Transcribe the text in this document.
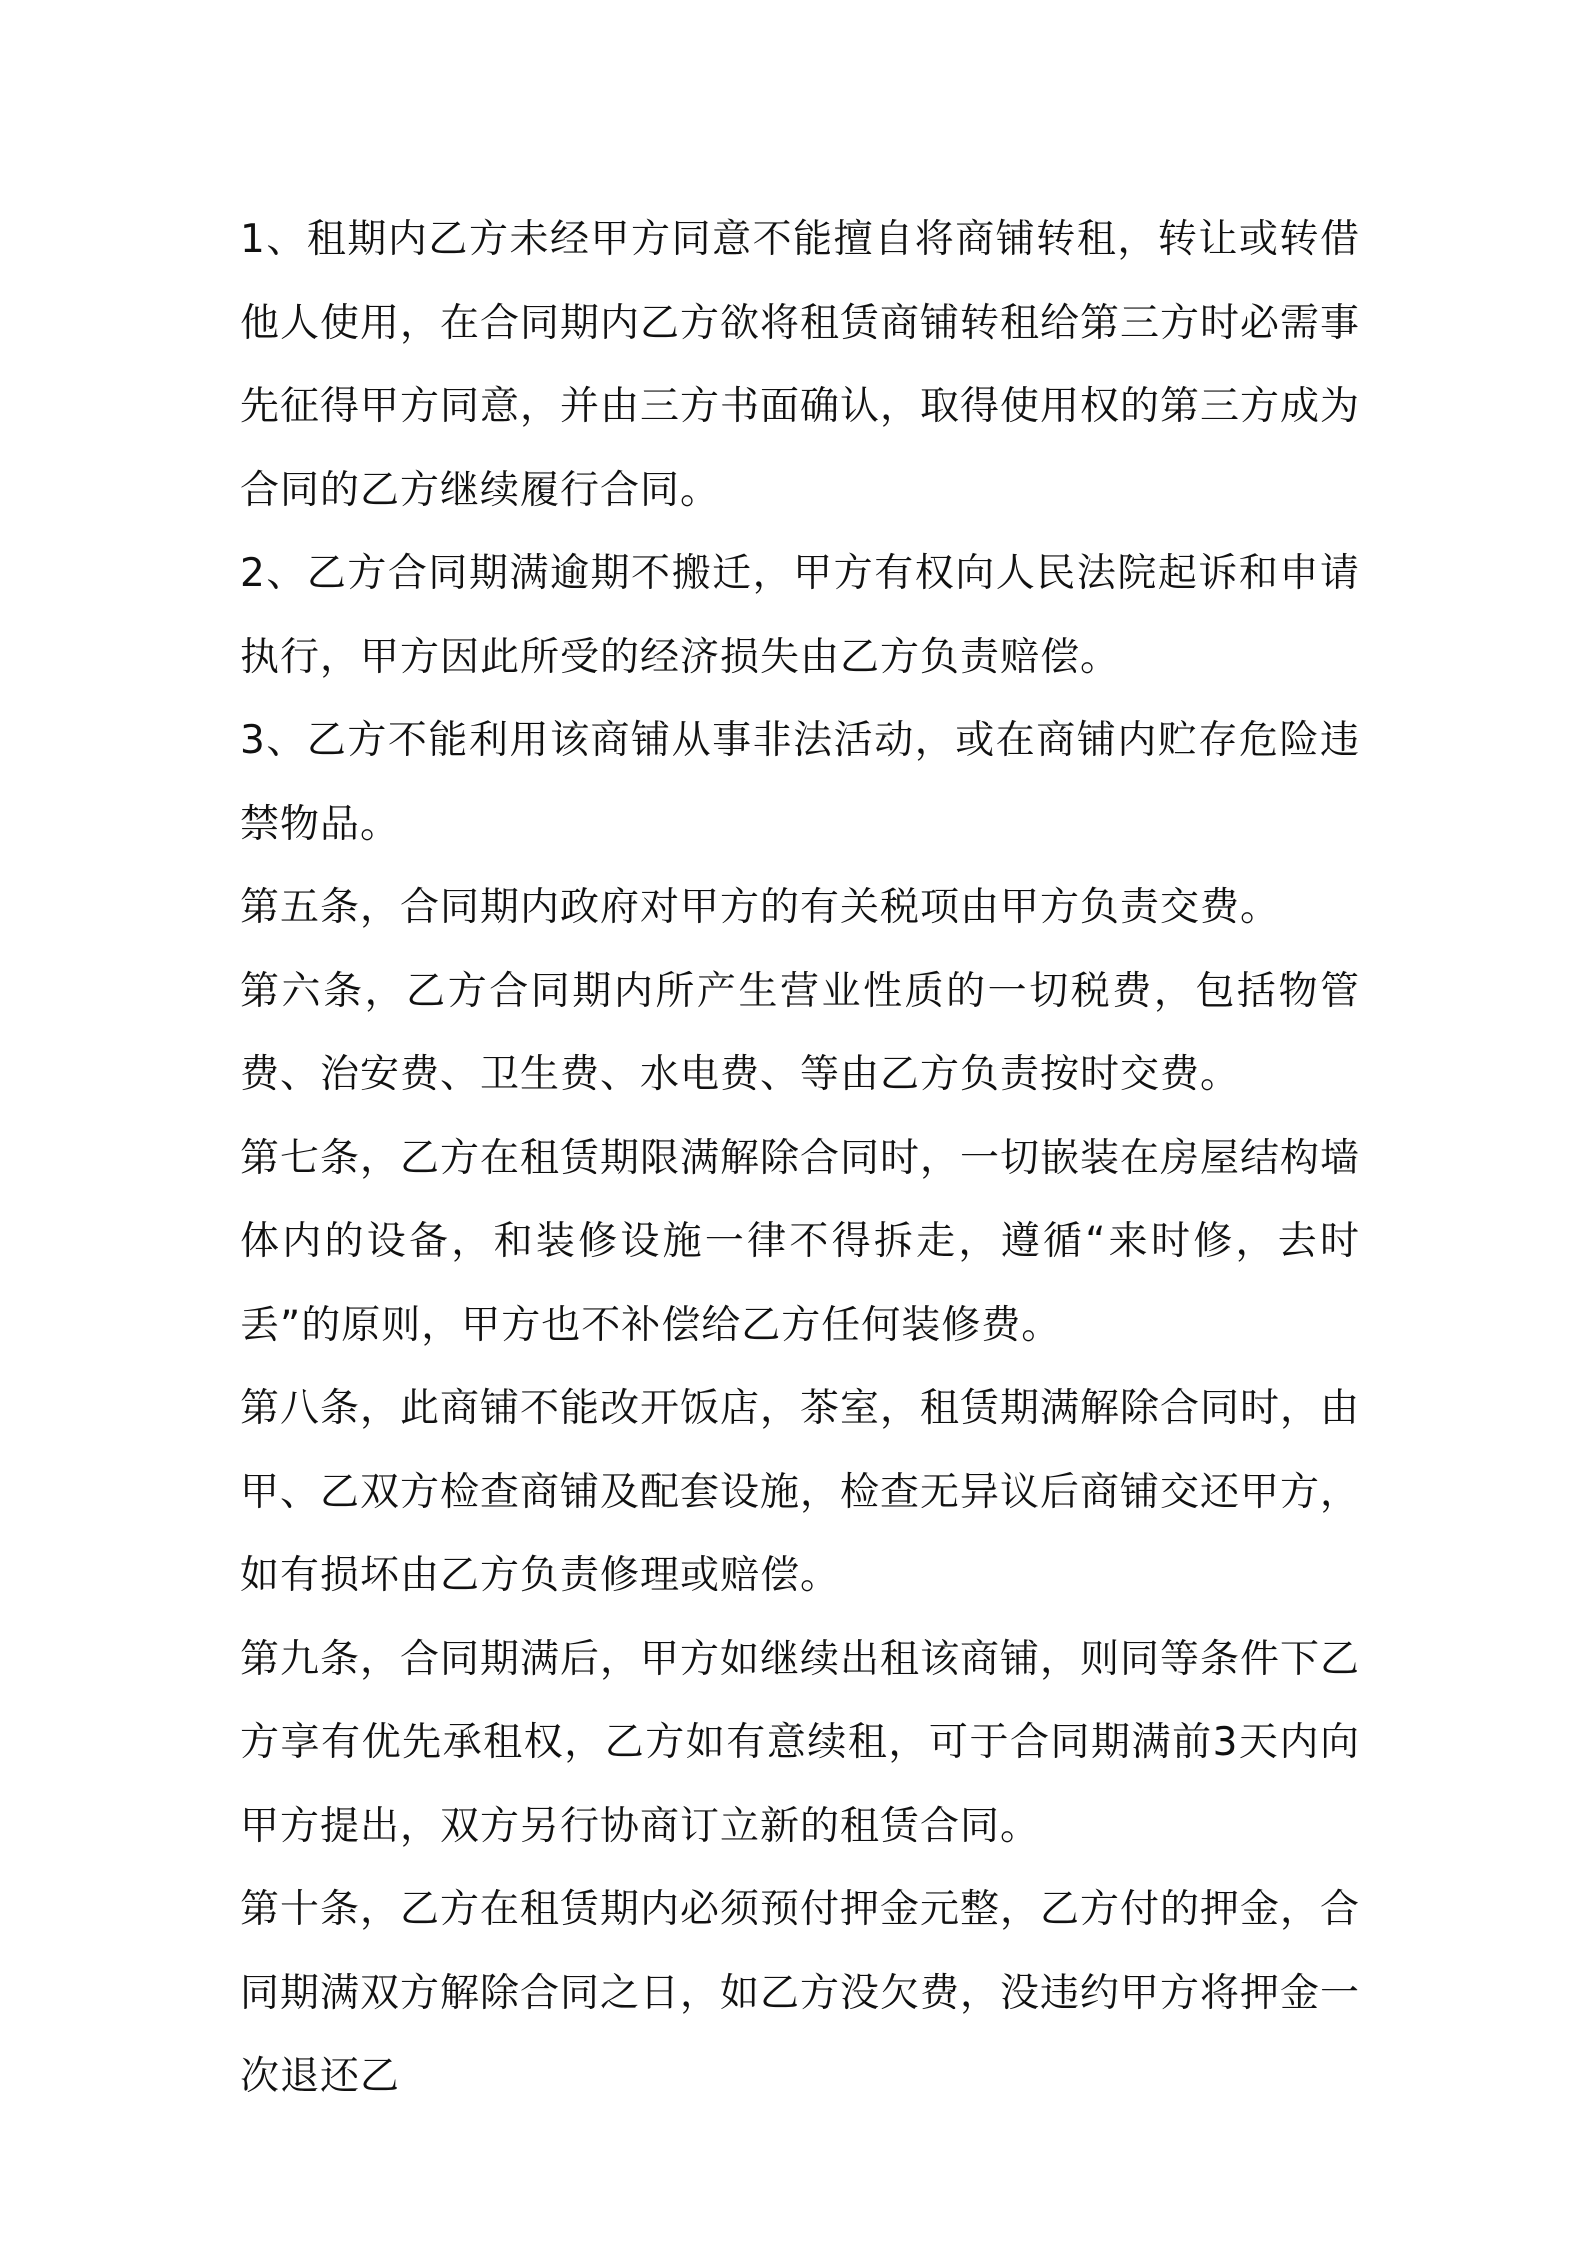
1、租期内乙方未经甲方同意不能擅自将商铺转租，转让或转借他人使用，在合同期内乙方欲将租赁商铺转租给第三方时必需事先征得甲方同意，并由三方书面确认，取得使用权的第三方成为合同的乙方继续履行合同。

2、乙方合同期满逾期不搬迁，甲方有权向人民法院起诉和申请执行，甲方因此所受的经济损失由乙方负责赔偿。

3、乙方不能利用该商铺从事非法活动，或在商铺内贮存危险违禁物品。

第五条，合同期内政府对甲方的有关税项由甲方负责交费。

第六条，乙方合同期内所产生营业性质的一切税费，包括物管费、治安费、卫生费、水电费、等由乙方负责按时交费。

第七条，乙方在租赁期限满解除合同时，一切嵌装在房屋结构墙体内的设备，和装修设施一律不得拆走，遵循“来时修，去时丢”的原则，甲方也不补偿给乙方任何装修费。

第八条，此商铺不能改开饭店，茶室，租赁期满解除合同时，由甲、乙双方检查商铺及配套设施，检查无异议后商铺交还甲方，如有损坏由乙方负责修理或赔偿。

第九条，合同期满后，甲方如继续出租该商铺，则同等条件下乙方享有优先承租权，乙方如有意续租，可于合同期满前3天内向甲方提出，双方另行协商订立新的租赁合同。

第十条，乙方在租赁期内必须预付押金元整，乙方付的押金，合同期满双方解除合同之日，如乙方没欠费，没违约甲方将押金一次退还乙
